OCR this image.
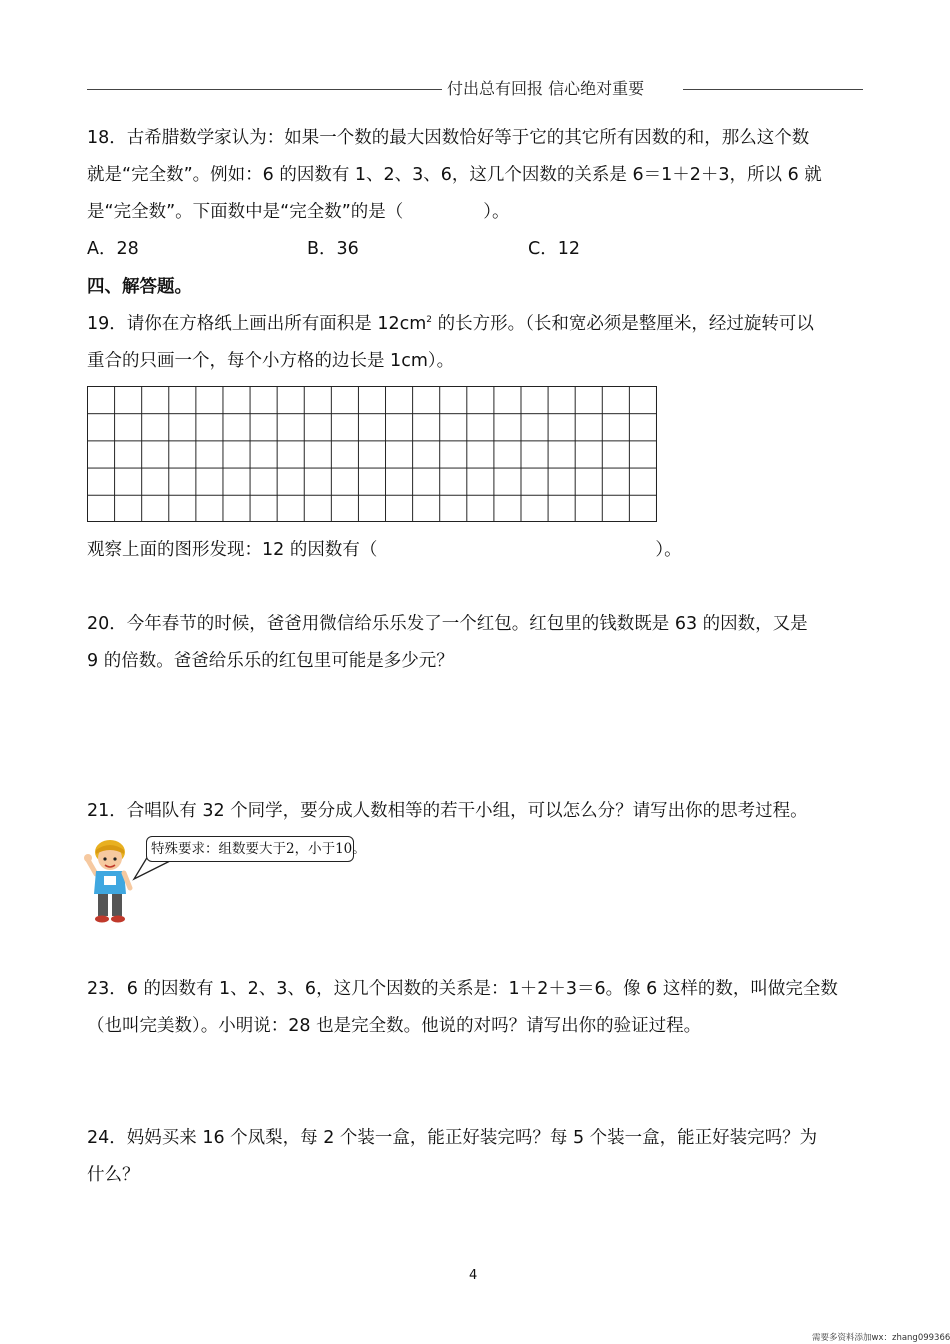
付出总有回报 信心绝对重要
18．古希腊数学家认为：如果一个数的最大因数恰好等于它的其它所有因数的和，那么这个数
就是“完全数”。例如：6 的因数有 1、2、3、6，这几个因数的关系是 6＝1＋2＋3，所以 6 就
是“完全数”。下面数中是“完全数”的是（	）。
A．28	B．36	C．12
四、解答题。
19．请你在方格纸上画出所有面积是 $12cm^2$ 的长方形。（长和宽必须是整厘米，经过旋转可以
重合的只画一个，每个小方格的边长是 1cm）。
观察上面的图形发现：12 的因数有（	）。
20．今年春节的时候，爸爸用微信给乐乐发了一个红包。红包里的钱数既是 63 的因数，又是
9 的倍数。爸爸给乐乐的红包里可能是多少元？
21．合唱队有 32 个同学，要分成人数相等的若干小组，可以怎么分？请写出你的思考过程。
特殊要求：组数要大于2，小于10。
23．6 的因数有 1、2、3、6，这几个因数的关系是：1＋2＋3＝6。像 6 这样的数，叫做完全数
（也叫完美数）。小明说：28 也是完全数。他说的对吗？请写出你的验证过程。
24．妈妈买来 16 个凤梨，每 2 个装一盒，能正好装完吗？每 5 个装一盒，能正好装完吗？为
什么？
4
需要多资料添加wx：zhang099366
